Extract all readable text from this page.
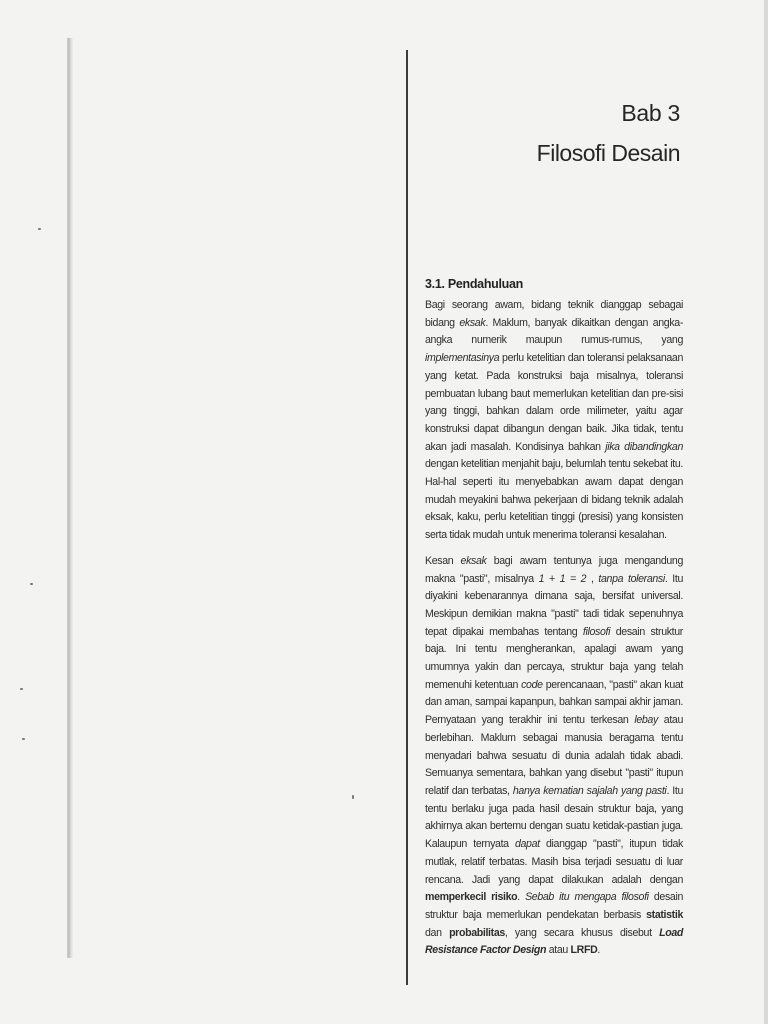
Bab 3
Filosofi Desain
3.1. Pendahuluan

Bagi seorang awam, bidang teknik dianggap sebagai bidang eksak. Maklum, banyak dikaitkan dengan angka-angka numerik maupun rumus-rumus, yang implementasinya perlu ketelitian dan toleransi pelaksanaan yang ketat. Pada konstruksi baja misalnya, toleransi pembuatan lubang baut memerlukan ketelitian dan pre-sisi yang tinggi, bahkan dalam orde milimeter, yaitu agar konstruksi dapat dibangun dengan baik. Jika tidak, tentu akan jadi masalah. Kondisinya bahkan jika dibandingkan dengan ketelitian menjahit baju, belumlah tentu sekebat itu. Hal-hal seperti itu menyebabkan awam dapat dengan mudah meyakini bahwa pekerjaan di bidang teknik adalah eksak, kaku, perlu ketelitian tinggi (presisi) yang konsisten serta tidak mudah untuk menerima toleransi kesalahan.

Kesan eksak bagi awam tentunya juga mengandung makna "pasti", misalnya 1 + 1 = 2 , tanpa toleransi. Itu diyakini kebenarannya dimana saja, bersifat universal. Meskipun demikian makna "pasti" tadi tidak sepenuhnya tepat dipakai membahas tentang filosofi desain struktur baja. Ini tentu mengherankan, apalagi awam yang umumnya yakin dan percaya, struktur baja yang telah memenuhi ketentuan code perencanaan, "pasti" akan kuat dan aman, sampai kapanpun, bahkan sampai akhir jaman. Pernyataan yang terakhir ini tentu terkesan lebay atau berlebihan. Maklum sebagai manusia beragama tentu menyadari bahwa sesuatu di dunia adalah tidak abadi. Semuanya sementara, bahkan yang disebut "pasti" itupun relatif dan terbatas, hanya kematian sajalah yang pasti. Itu tentu berlaku juga pada hasil desain struktur baja, yang akhirnya akan bertemu dengan suatu ketidak-pastian juga. Kalaupun ternyata dapat dianggap "pasti", itupun tidak mutlak, relatif terbatas. Masih bisa terjadi sesuatu di luar rencana. Jadi yang dapat dilakukan adalah dengan memperkecil risiko. Sebab itu mengapa filosofi desain struktur baja memerlukan pendekatan berbasis statistik dan probabilitas, yang secara khusus disebut Load Resistance Factor Design atau LRFD.
